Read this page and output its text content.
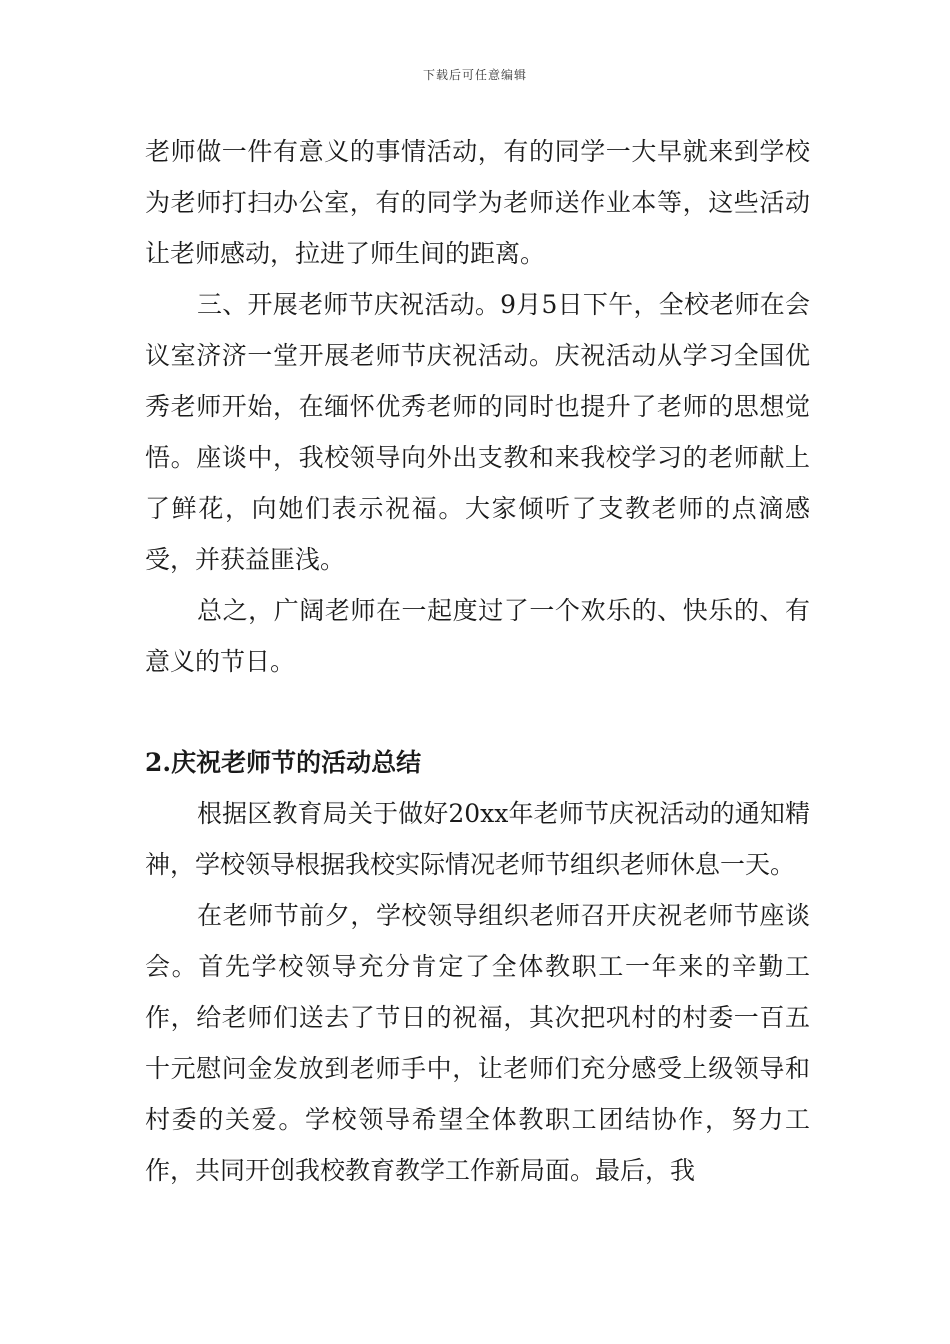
下载后可任意编辑

老师做一件有意义的事情活动，有的同学一大早就来到学校为老师打扫办公室，有的同学为老师送作业本等，这些活动让老师感动，拉进了师生间的距离。

三、开展老师节庆祝活动。9月5日下午，全校老师在会议室济济一堂开展老师节庆祝活动。庆祝活动从学习全国优秀老师开始，在缅怀优秀老师的同时也提升了老师的思想觉悟。座谈中，我校领导向外出支教和来我校学习的老师献上了鲜花，向她们表示祝福。大家倾听了支教老师的点滴感受，并获益匪浅。

总之，广阔老师在一起度过了一个欢乐的、快乐的、有意义的节日。

2.庆祝老师节的活动总结

根据区教育局关于做好20xx年老师节庆祝活动的通知精神，学校领导根据我校实际情况老师节组织老师休息一天。

在老师节前夕，学校领导组织老师召开庆祝老师节座谈会。首先学校领导充分肯定了全体教职工一年来的辛勤工作，给老师们送去了节日的祝福，其次把巩村的村委一百五十元慰问金发放到老师手中，让老师们充分感受上级领导和村委的关爱。学校领导希望全体教职工团结协作，努力工作，共同开创我校教育教学工作新局面。最后，我
